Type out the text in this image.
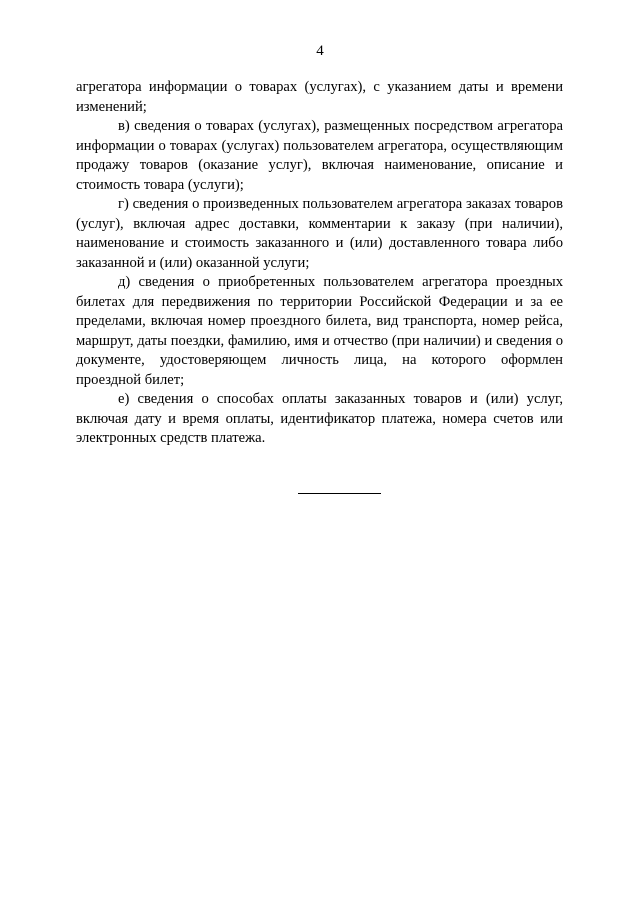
4

агрегатора информации о товарах (услугах), с указанием даты и времени изменений;

в) сведения о товарах (услугах), размещенных посредством агрегатора информации о товарах (услугах) пользователем агрегатора, осуществляющим продажу товаров (оказание услуг), включая наименование, описание и стоимость товара (услуги);

г) сведения о произведенных пользователем агрегатора заказах товаров (услуг), включая адрес доставки, комментарии к заказу (при наличии), наименование и стоимость заказанного и (или) доставленного товара либо заказанной и (или) оказанной услуги;

д) сведения о приобретенных пользователем агрегатора проездных билетах для передвижения по территории Российской Федерации и за ее пределами, включая номер проездного билета, вид транспорта, номер рейса, маршрут, даты поездки, фамилию, имя и отчество (при наличии) и сведения о документе, удостоверяющем личность лица, на которого оформлен проездной билет;

е) сведения о способах оплаты заказанных товаров и (или) услуг, включая дату и время оплаты, идентификатор платежа, номера счетов или электронных средств платежа.
